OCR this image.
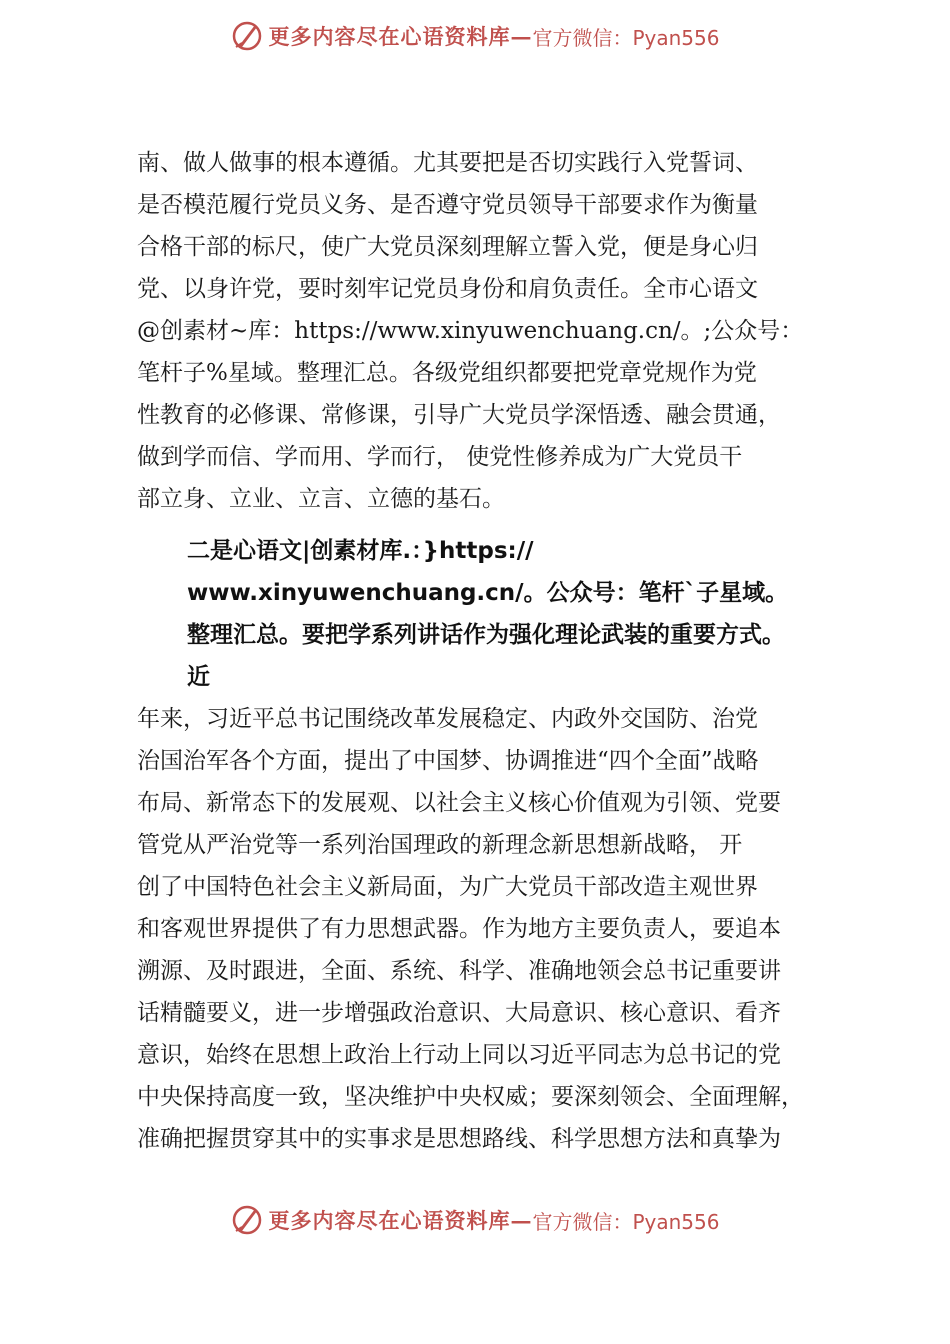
更多内容尽在心语资料库— 官方微信：Pyan556
南、做人做事的根本遵循。尤其要把是否切实践行入党誓词、
是否模范履行党员义务、是否遵守党员领导干部要求作为衡量
合格干部的标尺，使广大党员深刻理解立誓入党，便是身心归
党、以身许党，要时刻牢记党员身份和肩负责任。全市心语文
@创素材~库：https://www.xinyuwenchuang.cn/。;公众号：
笔杆子%星域。整理汇总。各级党组织都要把党章党规作为党
性教育的必修课、常修课，引导广大党员学深悟透、融会贯通，
做到学而信、学而用、学而行， 使党性修养成为广大党员干
部立身、立业、立言、立德的基石。
二是心语文|创素材库.：}https://
www.xinyuwenchuang.cn/。公众号：笔杆`子星域。
整理汇总。要把学系列讲话作为强化理论武装的重要方式。
近
年来，习近平总书记围绕改革发展稳定、内政外交国防、治党
治国治军各个方面，提出了中国梦、协调推进“四个全面”战略
布局、新常态下的发展观、以社会主义核心价值观为引领、党要
管党从严治党等一系列治国理政的新理念新思想新战略， 开
创了中国特色社会主义新局面，为广大党员干部改造主观世界
和客观世界提供了有力思想武器。作为地方主要负责人，要追本
溯源、及时跟进，全面、系统、科学、准确地领会总书记重要讲
话精髓要义，进一步增强政治意识、大局意识、核心意识、看齐
意识，始终在思想上政治上行动上同以习近平同志为总书记的党
中央保持高度一致，坚决维护中央权威；要深刻领会、全面理解，
准确把握贯穿其中的实事求是思想路线、科学思想方法和真挚为
更多内容尽在心语资料库— 官方微信：Pyan556
